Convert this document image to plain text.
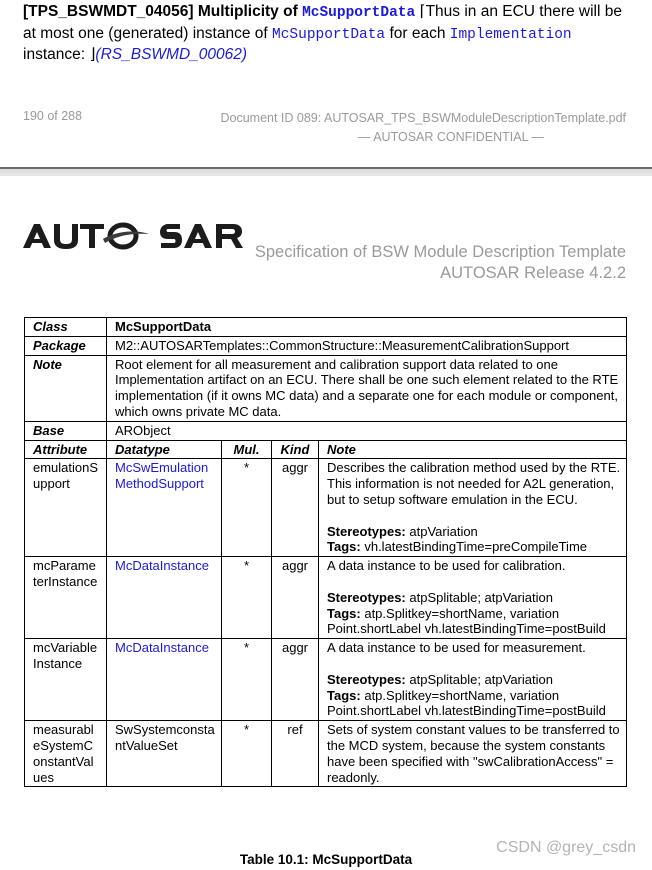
[TPS_BSWMDT_04056] Multiplicity of McSupportData ⌈Thus in an ECU there will be at most one (generated) instance of McSupportData for each Implementation instance: ⌋(RS_BSWMD_00062)
190 of 288	Document ID 089: AUTOSAR_TPS_BSWModuleDescriptionTemplate.pdf
— AUTOSAR CONFIDENTIAL —
Specification of BSW Module Description Template
AUTOSAR Release 4.2.2
Class	McSupportData			
Package	M2::AUTOSARTemplates::CommonStructure::MeasurementCalibrationSupport			
Note	Root element for all measurement and calibration support data related to one Implementation artifact on an ECU. There shall be one such element related to the RTE implementation (if it owns MC data) and a separate one for each module or component, which owns private MC data.			
Base	ARObject			
Attribute	Datatype	Mul.	Kind	Note
emulationS
upport	McSwEmulationMethodSupport	*	aggr	Describes the calibration method used by the RTE. This information is not needed for A2L generation, but to setup software emulation in the ECU.
Stereotypes: atpVariation
Tags: vh.latestBindingTime=preCompileTime
mcParame
terInstance	McDataInstance	*	aggr	A data instance to be used for calibration.
Stereotypes: atpSplitable; atpVariation
Tags: atp.Splitkey=shortName, variation Point.shortLabel vh.latestBindingTime=postBuild
mcVariable
Instance	McDataInstance	*	aggr	A data instance to be used for measurement.
Stereotypes: atpSplitable; atpVariation
Tags: atp.Splitkey=shortName, variation Point.shortLabel vh.latestBindingTime=postBuild
measurabl
eSystemC
onstantVal
ues	SwSystemconstantValueSet	*	ref	Sets of system constant values to be transferred to the MCD system, because the system constants have been specified with "swCalibrationAccess" = readonly.
Table 10.1: McSupportData
CSDN @grey_csdn
